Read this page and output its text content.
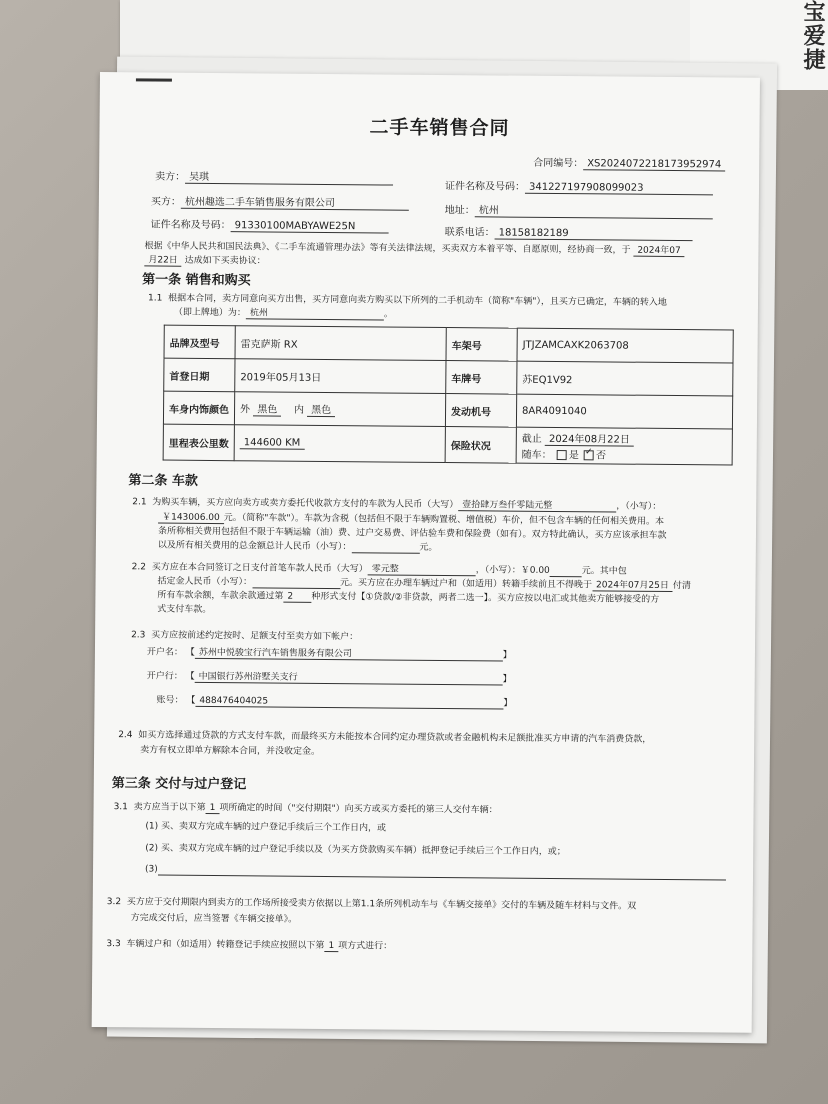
宝爱捷
二手车销售合同
合同编号： XS2024072218173952974
卖方： 吴琪
证件名称及号码： 341227197908099023
买方： 杭州趣选二手车销售服务有限公司
地址： 杭州
证件名称及号码： 91330100MABYAWE25N
联系电话： 18158182189
根据《中华人民共和国民法典》、《二手车流通管理办法》等有关法律法规，买卖双方本着平等、自愿原则，经协商一致，于 2024年07
月22日 达成如下买卖协议：
第一条 销售和购买
1.1 根据本合同，卖方同意向买方出售，买方同意向卖方购买以下所列的二手机动车（简称"车辆"），且买方已确定，车辆的转入地
（即上牌地）为： 杭州	。
品牌及型号	雷克萨斯 RX	车架号	JTJZAMCAXK2063708
首登日期	2019年05月13日	车牌号	苏EQ1V92
车身内饰颜色	外 黑色 内 黑色	发动机号	8AR4091040
里程表公里数	144600 KM	保险状况	截止 2024年08月22日
随车： 是 ✓ 否
第二条 车款
2.1 为购买车辆，买方应向卖方或卖方委托代收款方支付的车款为人民币（大写） 壹拾肆万叁仟零陆元整	，（小写）：
￥143006.00 元。（简称"车款"）。车款为含税（包括但不限于车辆购置税、增值税）车价，但不包含车辆的任何相关费用。本
条所称相关费用包括但不限于车辆运输（油）费、过户交易费、评估验车费和保险费（如有）。双方特此确认，买方应该承担车款
以及所有相关费用的总金额总计人民币（小写）：	元。
2.2 买方应在本合同签订之日支付首笔车款人民币（大写） 零元整	，（小写）：￥0.00	元。其中包
括定金人民币（小写）：	元。买方应在办理车辆过户和（如适用）转籍手续前且不得晚于 2024年07月25日 付清
所有车款余额，车款余款通过第 2 种形式支付【①贷款/②非贷款，两者二选一】。买方应按以电汇或其他卖方能够接受的方
式支付车款。
2.3 买方应按前述约定按时、足额支付至卖方如下帐户：
开户名： 【 苏州中悦骏宝行汽车销售服务有限公司	】
开户行： 【 中国银行苏州浒墅关支行	】
账号： 【 488476404025	】
2.4 如买方选择通过贷款的方式支付车款，而最终买方未能按本合同约定办理贷款或者金融机构未足额批准买方申请的汽车消费贷款，
卖方有权立即单方解除本合同，并没收定金。
第三条 交付与过户登记
3.1 卖方应当于以下第 1 项所确定的时间（"交付期限"）向买方或买方委托的第三人交付车辆：
(1) 买、卖双方完成车辆的过户登记手续后三个工作日内，或
(2) 买、卖双方完成车辆的过户登记手续以及（为买方贷款购买车辆）抵押登记手续后三个工作日内，或；
(3)
3.2 买方应于交付期限内到卖方的工作场所接受卖方依据以上第1.1条所列机动车与《车辆交接单》交付的车辆及随车材料与文件。双
方完成交付后，应当签署《车辆交接单》。
3.3 车辆过户和（如适用）转籍登记手续应按照以下第 1 项方式进行：
